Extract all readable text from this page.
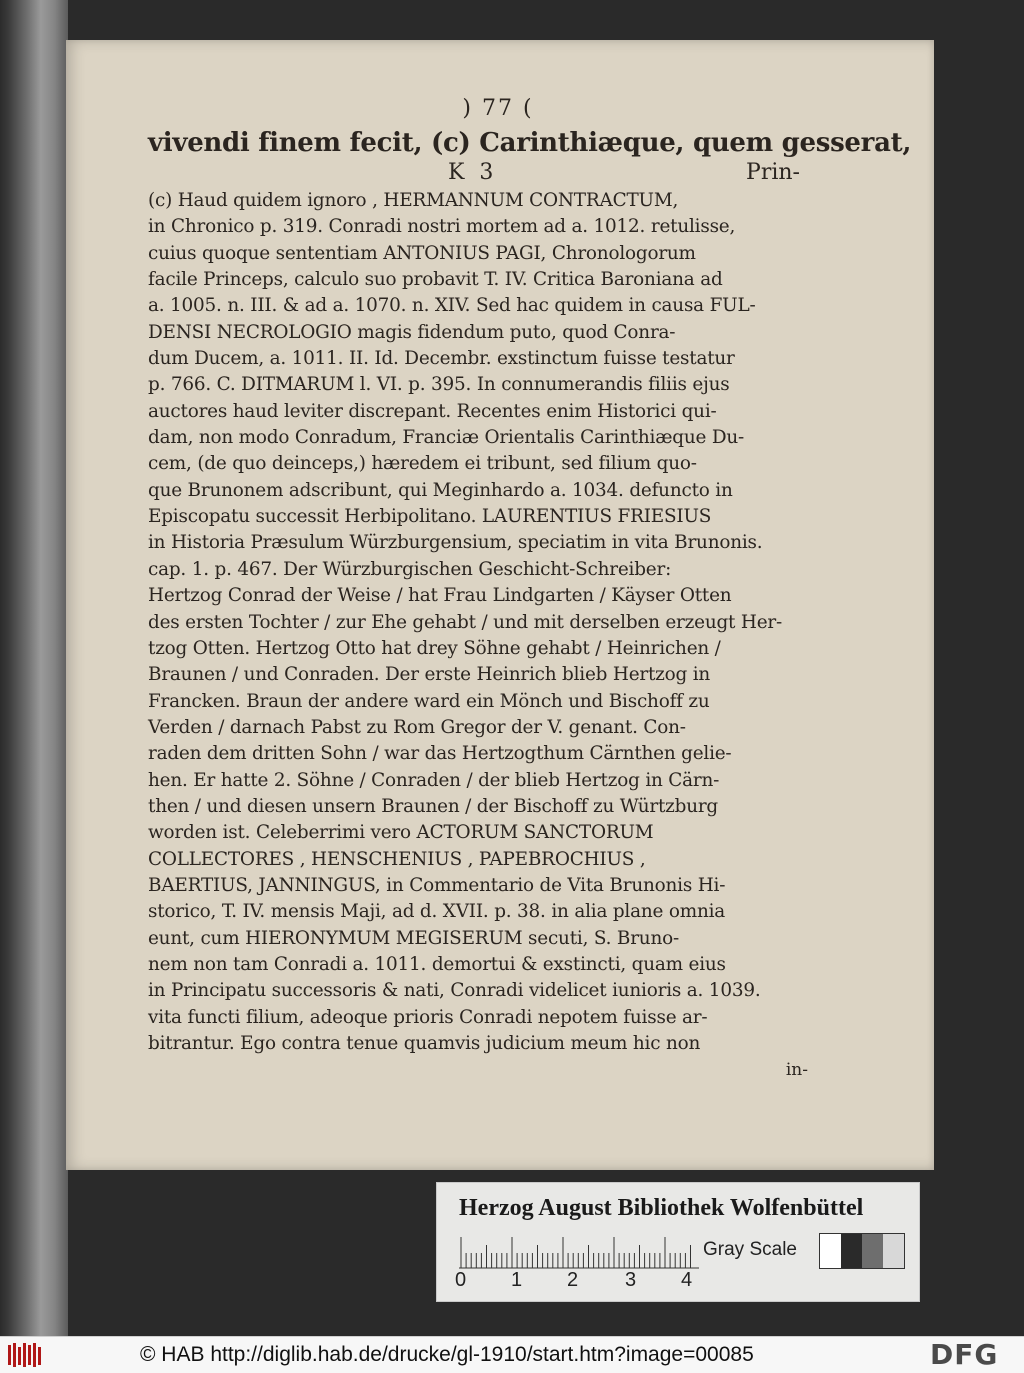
) 77 (
vivendi finem fecit, (c) Carinthiæque, quem gesserat,
K 3	Prin-
(c) Haud quidem ignoro , HERMANNUM CONTRACTUM,
in Chronico p. 319. Conradi nostri mortem ad a. 1012. retulisse,
cuius quoque sententiam ANTONIUS PAGI, Chronologorum
facile Princeps, calculo suo probavit T. IV. Critica Baroniana ad
a. 1005. n. III. & ad a. 1070. n. XIV. Sed hac quidem in causa FUL-
DENSI NECROLOGIO magis fidendum puto, quod Conra-
dum Ducem, a. 1011. II. Id. Decembr. exstinctum fuisse testatur
p. 766. C. DITMARUM l. VI. p. 395. In connumerandis filiis ejus
auctores haud leviter discrepant. Recentes enim Historici qui-
dam, non modo Conradum, Franciæ Orientalis Carinthiæque Du-
cem, (de quo deinceps,) hæredem ei tribunt, sed filium quo-
que Brunonem adscribunt, qui Meginhardo a. 1034. defuncto in
Episcopatu successit Herbipolitano. LAURENTIUS FRIESIUS
in Historia Præsulum Würzburgensium, speciatim in vita Brunonis.
cap. 1. p. 467. Der Würzburgischen Geschicht-Schreiber:
Hertzog Conrad der Weise / hat Frau Lindgarten / Käyser Otten
des ersten Tochter / zur Ehe gehabt / und mit derselben erzeugt Her-
tzog Otten. Hertzog Otto hat drey Söhne gehabt / Heinrichen /
Braunen / und Conraden. Der erste Heinrich blieb Hertzog in
Francken. Braun der andere ward ein Mönch und Bischoff zu
Verden / darnach Pabst zu Rom Gregor der V. genant. Con-
raden dem dritten Sohn / war das Hertzogthum Cärnthen gelie-
hen. Er hatte 2. Söhne / Conraden / der blieb Hertzog in Cärn-
then / und diesen unsern Braunen / der Bischoff zu Würtzburg
worden ist. Celeberrimi vero ACTORUM SANCTORUM
COLLECTORES , HENSCHENIUS , PAPEBROCHIUS ,
BAERTIUS, JANNINGUS, in Commentario de Vita Brunonis Hi-
storico, T. IV. mensis Maji, ad d. XVII. p. 38. in alia plane omnia
eunt, cum HIERONYMUM MEGISERUM secuti, S. Bruno-
nem non tam Conradi a. 1011. demortui & exstincti, quam eius
in Principatu successoris & nati, Conradi videlicet iunioris a. 1039.
vita functi filium, adeoque prioris Conradi nepotem fuisse ar-
bitrantur. Ego contra tenue quamvis judicium meum hic non
in-
Herzog August Bibliothek Wolfenbüttel
0 1 2 3 4
Gray Scale
© HAB http://diglib.hab.de/drucke/gl-1910/start.htm?image=00085	DFG
